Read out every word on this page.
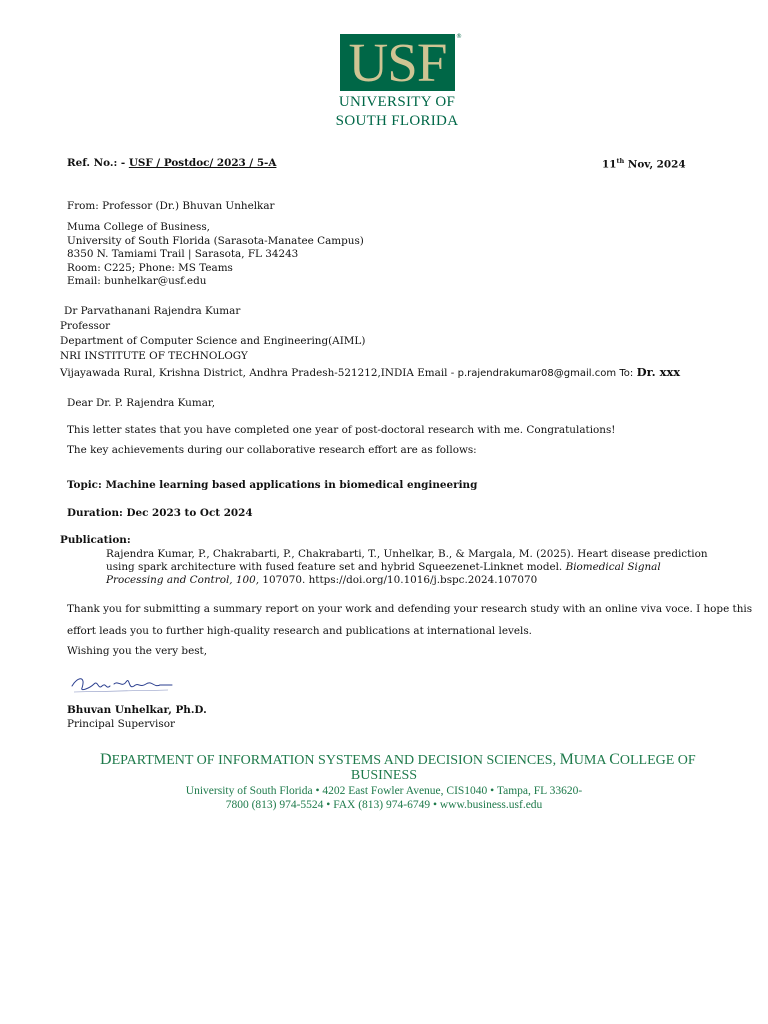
USF	®
UNIVERSITY OF
SOUTH FLORIDA
Ref. No.: - USF / Postdoc/ 2023 / 5-A	11th Nov, 2024
From: Professor (Dr.) Bhuvan Unhelkar
Muma College of Business,
University of South Florida (Sarasota-Manatee Campus)
8350 N. Tamiami Trail | Sarasota, FL 34243
Room: C225; Phone: MS Teams
Email: bunhelkar@usf.edu
Dr Parvathanani Rajendra Kumar
Professor
Department of Computer Science and Engineering(AIML)
NRI INSTITUTE OF TECHNOLOGY
Vijayawada Rural, Krishna District, Andhra Pradesh-521212,INDIA Email - p.rajendrakumar08@gmail.com To: Dr. xxx
Dear Dr. P. Rajendra Kumar,
This letter states that you have completed one year of post-doctoral research with me. Congratulations!
The key achievements during our collaborative research effort are as follows:
Topic: Machine learning based applications in biomedical engineering
Duration: Dec 2023 to Oct 2024
Publication:
Rajendra Kumar, P., Chakrabarti, P., Chakrabarti, T., Unhelkar, B., & Margala, M. (2025). Heart disease prediction using spark architecture with fused feature set and hybrid Squeezenet-Linknet model. Biomedical Signal Processing and Control, 100, 107070. https://doi.org/10.1016/j.bspc.2024.107070
Thank you for submitting a summary report on your work and defending your research study with an online viva voce. I hope this
effort leads you to further high-quality research and publications at international levels.
Wishing you the very best,
Bhuvan Unhelkar, Ph.D.
Principal Supervisor
DEPARTMENT OF INFORMATION SYSTEMS AND DECISION SCIENCES, MUMA COLLEGE OF
BUSINESS
University of South Florida • 4202 East Fowler Avenue, CIS1040 • Tampa, FL 33620-
7800 (813) 974-5524 • FAX (813) 974-6749 • www.business.usf.edu
